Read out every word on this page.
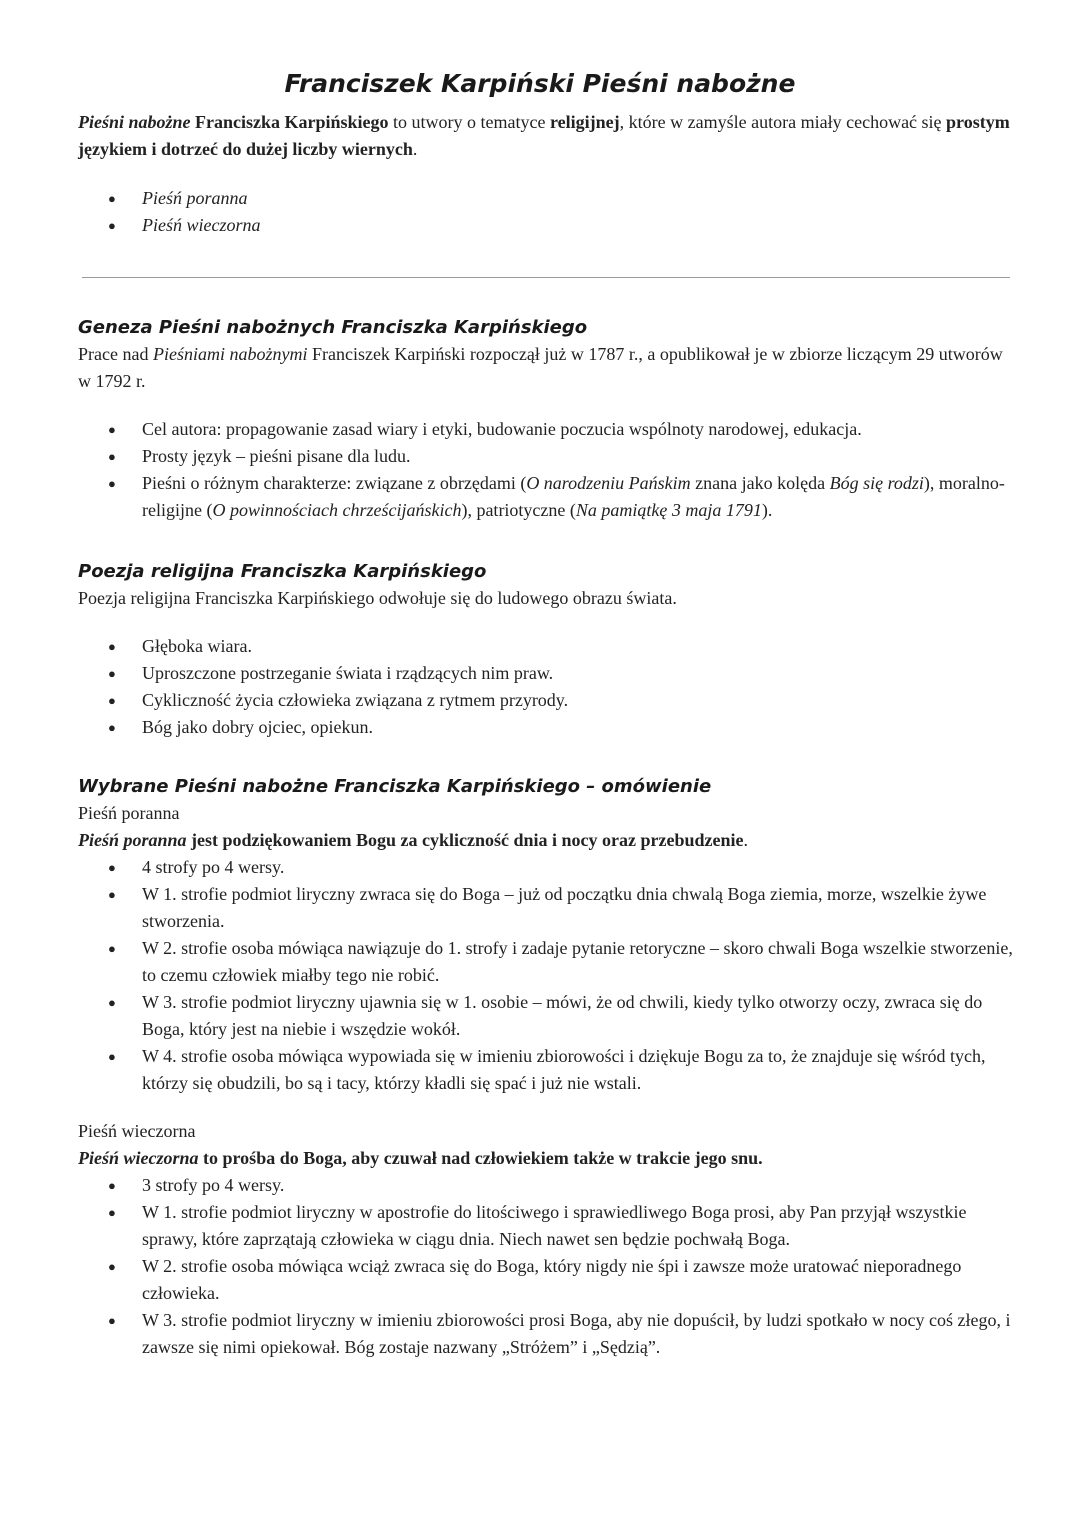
Franciszek Karpiński Pieśni nabożne

Pieśni nabożne Franciszka Karpińskiego to utwory o tematyce religijnej, które w zamyśle autora miały cechować się prostym językiem i dotrzeć do dużej liczby wiernych.

● Pieśń poranna
● Pieśń wieczorna

Geneza Pieśni nabożnych Franciszka Karpińskiego

Prace nad Pieśniami nabożnymi Franciszek Karpiński rozpoczął już w 1787 r., a opublikował je w zbiorze liczącym 29 utworów w 1792 r.

● Cel autora: propagowanie zasad wiary i etyki, budowanie poczucia wspólnoty narodowej, edukacja.
● Prosty język – pieśni pisane dla ludu.
● Pieśni o różnym charakterze: związane z obrzędami (O narodzeniu Pańskim znana jako kolęda Bóg się rodzi), moralno-religijne (O powinnościach chrześcijańskich), patriotyczne (Na pamiątkę 3 maja 1791).

Poezja religijna Franciszka Karpińskiego

Poezja religijna Franciszka Karpińskiego odwołuje się do ludowego obrazu świata.

● Głęboka wiara.
● Uproszczone postrzeganie świata i rządzących nim praw.
● Cykliczność życia człowieka związana z rytmem przyrody.
● Bóg jako dobry ojciec, opiekun.

Wybrane Pieśni nabożne Franciszka Karpińskiego – omówienie

Pieśń poranna

Pieśń poranna jest podziękowaniem Bogu za cykliczność dnia i nocy oraz przebudzenie.

● 4 strofy po 4 wersy.
● W 1. strofie podmiot liryczny zwraca się do Boga – już od początku dnia chwalą Boga ziemia, morze, wszelkie żywe stworzenia.
● W 2. strofie osoba mówiąca nawiązuje do 1. strofy i zadaje pytanie retoryczne – skoro chwali Boga wszelkie stworzenie, to czemu człowiek miałby tego nie robić.
● W 3. strofie podmiot liryczny ujawnia się w 1. osobie – mówi, że od chwili, kiedy tylko otworzy oczy, zwraca się do Boga, który jest na niebie i wszędzie wokół.
● W 4. strofie osoba mówiąca wypowiada się w imieniu zbiorowości i dziękuje Bogu za to, że znajduje się wśród tych, którzy się obudzili, bo są i tacy, którzy kładli się spać i już nie wstali.

Pieśń wieczorna

Pieśń wieczorna to prośba do Boga, aby czuwał nad człowiekiem także w trakcie jego snu.

● 3 strofy po 4 wersy.
● W 1. strofie podmiot liryczny w apostrofie do litościwego i sprawiedliwego Boga prosi, aby Pan przyjął wszystkie sprawy, które zaprzątają człowieka w ciągu dnia. Niech nawet sen będzie pochwałą Boga.
● W 2. strofie osoba mówiąca wciąż zwraca się do Boga, który nigdy nie śpi i zawsze może uratować nieporadnego człowieka.
● W 3. strofie podmiot liryczny w imieniu zbiorowości prosi Boga, aby nie dopuścił, by ludzi spotkało w nocy coś złego, i zawsze się nimi opiekował. Bóg zostaje nazwany „Stróżem” i „Sędzią”.
